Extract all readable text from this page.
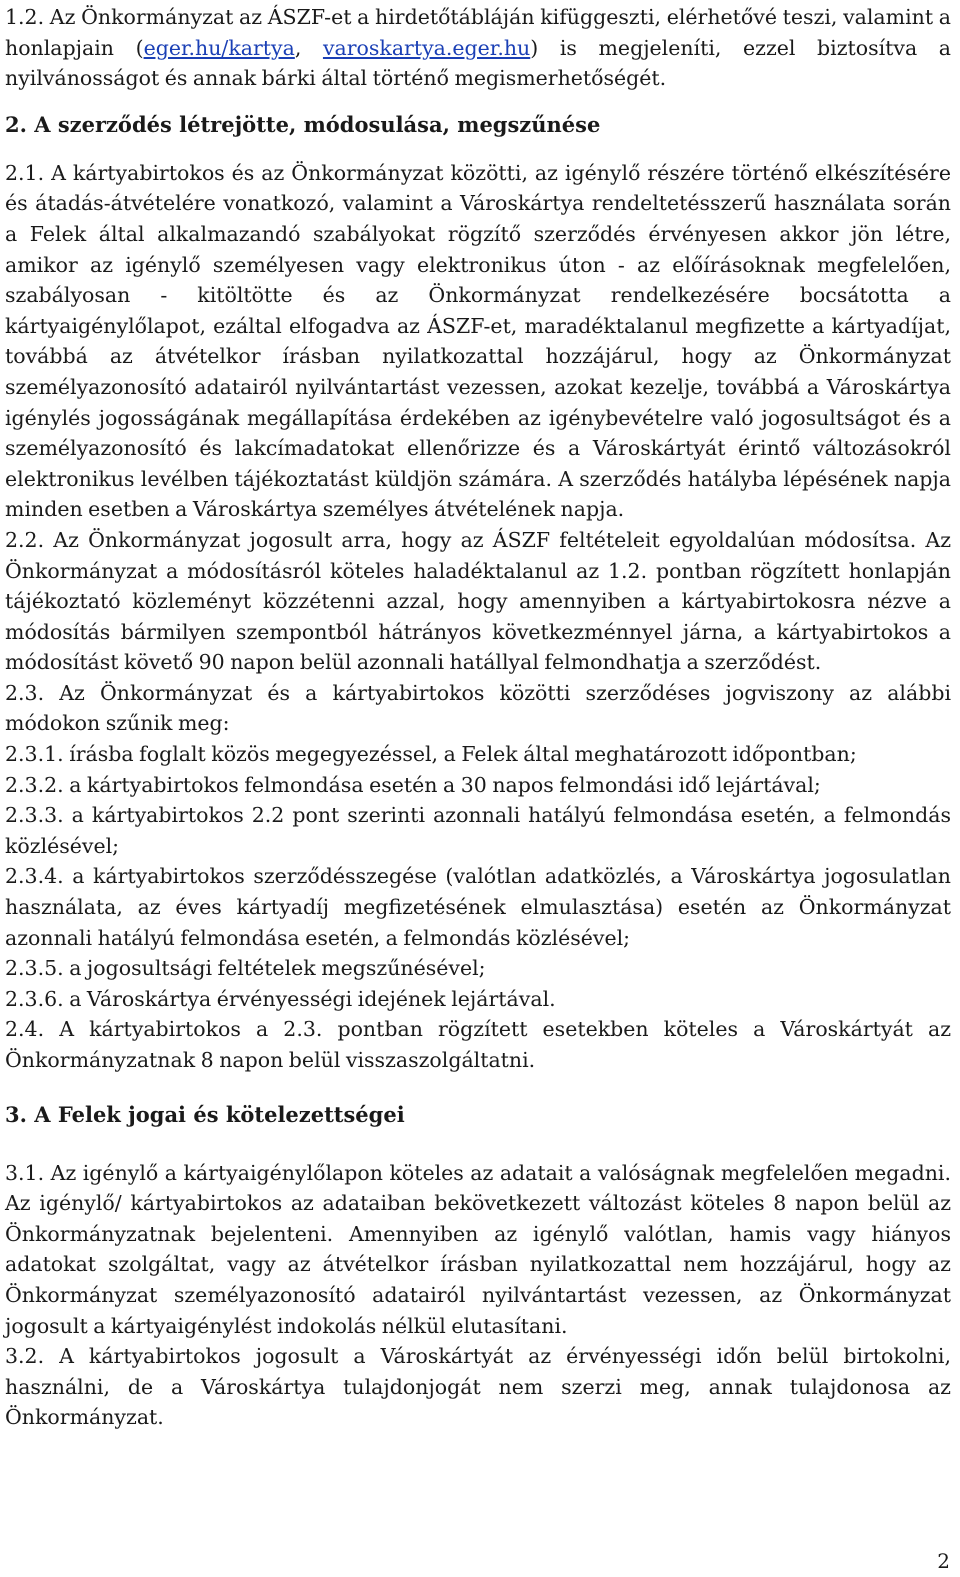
1.2. Az Önkormányzat az ÁSZF-et a hirdetőtábláján kifüggeszti, elérhetővé teszi, valamint a honlapjain (eger.hu/kartya, varoskartya.eger.hu) is megjeleníti, ezzel biztosítva a nyilvánosságot és annak bárki által történő megismerhetőségét.

2. A szerződés létrejötte, módosulása, megszűnése

2.1. A kártyabirtokos és az Önkormányzat közötti, az igénylő részére történő elkészítésére és átadás-átvételére vonatkozó, valamint a Városkártya rendeltetésszerű használata során a Felek által alkalmazandó szabályokat rögzítő szerződés érvényesen akkor jön létre, amikor az igénylő személyesen vagy elektronikus úton - az előírásoknak megfelelően, szabályosan - kitöltötte és az Önkormányzat rendelkezésére bocsátotta a kártyaigénylőlapot, ezáltal elfogadva az ÁSZF-et, maradéktalanul megfizette a kártyadíjat, továbbá az átvételkor írásban nyilatkozattal hozzájárul, hogy az Önkormányzat személyazonosító adatairól nyilvántartást vezessen, azokat kezelje, továbbá a Városkártya igénylés jogosságának megállapítása érdekében az igénybevételre való jogosultságot és a személyazonosító és lakcímadatokat ellenőrizze és a Városkártyát érintő változásokról elektronikus levélben tájékoztatást küldjön számára. A szerződés hatályba lépésének napja minden esetben a Városkártya személyes átvételének napja.

2.2. Az Önkormányzat jogosult arra, hogy az ÁSZF feltételeit egyoldalúan módosítsa. Az Önkormányzat a módosításról köteles haladéktalanul az 1.2. pontban rögzített honlapján tájékoztató közleményt közzétenni azzal, hogy amennyiben a kártyabirtokosra nézve a módosítás bármilyen szempontból hátrányos következménnyel járna, a kártyabirtokos a módosítást követő 90 napon belül azonnali hatállyal felmondhatja a szerződést.

2.3. Az Önkormányzat és a kártyabirtokos közötti szerződéses jogviszony az alábbi módokon szűnik meg:

2.3.1. írásba foglalt közös megegyezéssel, a Felek által meghatározott időpontban;

2.3.2. a kártyabirtokos felmondása esetén a 30 napos felmondási idő lejártával;

2.3.3. a kártyabirtokos 2.2 pont szerinti azonnali hatályú felmondása esetén, a felmondás közlésével;

2.3.4. a kártyabirtokos szerződésszegése (valótlan adatközlés, a Városkártya jogosulatlan használata, az éves kártyadíj megfizetésének elmulasztása) esetén az Önkormányzat azonnali hatályú felmondása esetén, a felmondás közlésével;

2.3.5. a jogosultsági feltételek megszűnésével;

2.3.6. a Városkártya érvényességi idejének lejártával.

2.4. A kártyabirtokos a 2.3. pontban rögzített esetekben köteles a Városkártyát az Önkormányzatnak 8 napon belül visszaszolgáltatni.

3. A Felek jogai és kötelezettségei

3.1. Az igénylő a kártyaigénylőlapon köteles az adatait a valóságnak megfelelően megadni. Az igénylő/ kártyabirtokos az adataiban bekövetkezett változást köteles 8 napon belül az Önkormányzatnak bejelenteni. Amennyiben az igénylő valótlan, hamis vagy hiányos adatokat szolgáltat, vagy az átvételkor írásban nyilatkozattal nem hozzájárul, hogy az Önkormányzat személyazonosító adatairól nyilvántartást vezessen, az Önkormányzat jogosult a kártyaigénylést indokolás nélkül elutasítani.

3.2. A kártyabirtokos jogosult a Városkártyát az érvényességi időn belül birtokolni, használni, de a Városkártya tulajdonjogát nem szerzi meg, annak tulajdonosa az Önkormányzat.

2
